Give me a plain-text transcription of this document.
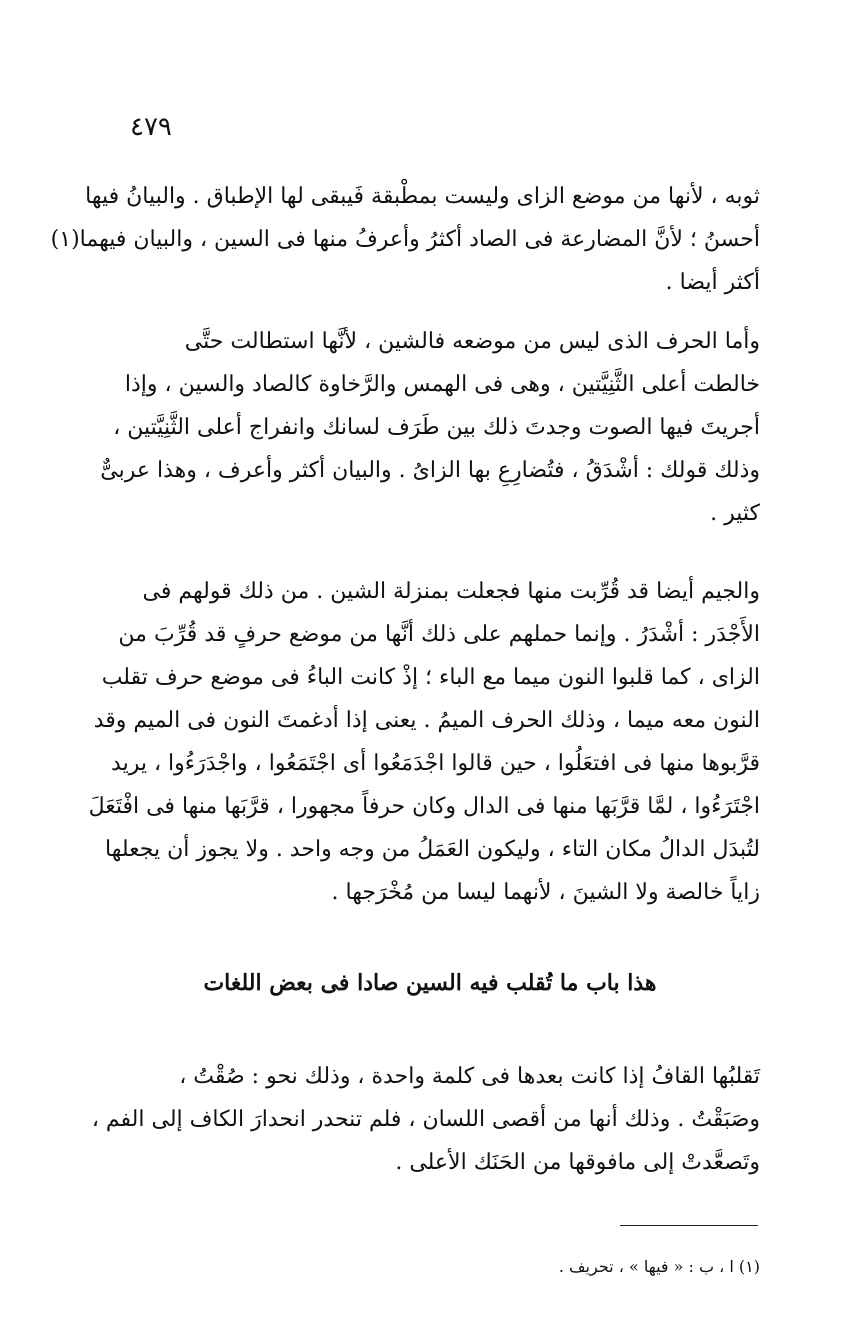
٤٧٩
ثوبه ، لأنها من موضع الزاى وليست بمطْبقة فَيبقى لها الإطباق . والبيانُ فيها
أحسنُ ؛ لأنَّ المضارعة فى الصاد أكثرُ وأعرفُ منها فى السين ، والبيان فيهما(١)
أكثر أيضا .
وأما الحرف الذى ليس من موضعه فالشين ، لأنَّها استطالت حتَّى
خالطت أعلى الثَّنِيَّتين ، وهى فى الهمس والرَّخاوة كالصاد والسين ، وإذا
أجريتَ فيها الصوت وجدتَ ذلك بين طَرَف لسانك وانفراج أعلى الثَّنِيَّتين ،
وذلك قولك : أشْدَقُ ، فتُضارِعِ بها الزاىُ . والبيان أكثر وأعرف ، وهذا عربىٌّ
كثير .
والجيم أيضا قد قُرِّبت منها فجعلت بمنزلة الشين . من ذلك قولهم فى
الأَجْدَر : أشْدَرُ . وإنما حملهم على ذلك أنَّها من موضع حرفٍ قد قُرِّبَ من
الزاى ، كما قلبوا النون ميما مع الباء ؛ إذْ كانت الباءُ فى موضع حرف تقلب
النون معه ميما ، وذلك الحرف الميمُ . يعنى إذا أدغمتَ النون فى الميم وقد
قرَّبوها منها فى افتعَلُوا ، حين قالوا اجْدَمَعُوا أى اجْتَمَعُوا ، واجْدَرَءُوا ، يريد
اجْتَرَءُوا ، لمَّا قرَّبَها منها فى الدال وكان حرفاً مجهورا ، قرَّبَها منها فى افْتَعَلَ
لتُبدَل الدالُ مكان التاء ، وليكون العَمَلُ من وجه واحد . ولا يجوز أن يجعلها
زاياً خالصة ولا الشينَ ، لأنهما ليسا من مُخْرَجها .
هذا باب ما تُقلب فيه السين صادا فى بعض اللغات
تَقلبُها القافُ إذا كانت بعدها فى كلمة واحدة ، وذلك نحو : صُقْتُ ،
وصَبَقْتُ . وذلك أنها من أقصى اللسان ، فلم تنحدر انحدارَ الكاف إلى الفم ،
وتَصعَّدتْ إلى مافوقها من الحَنَك الأعلى .
(١) ا ، ب : « فيها » ، تحريف .
